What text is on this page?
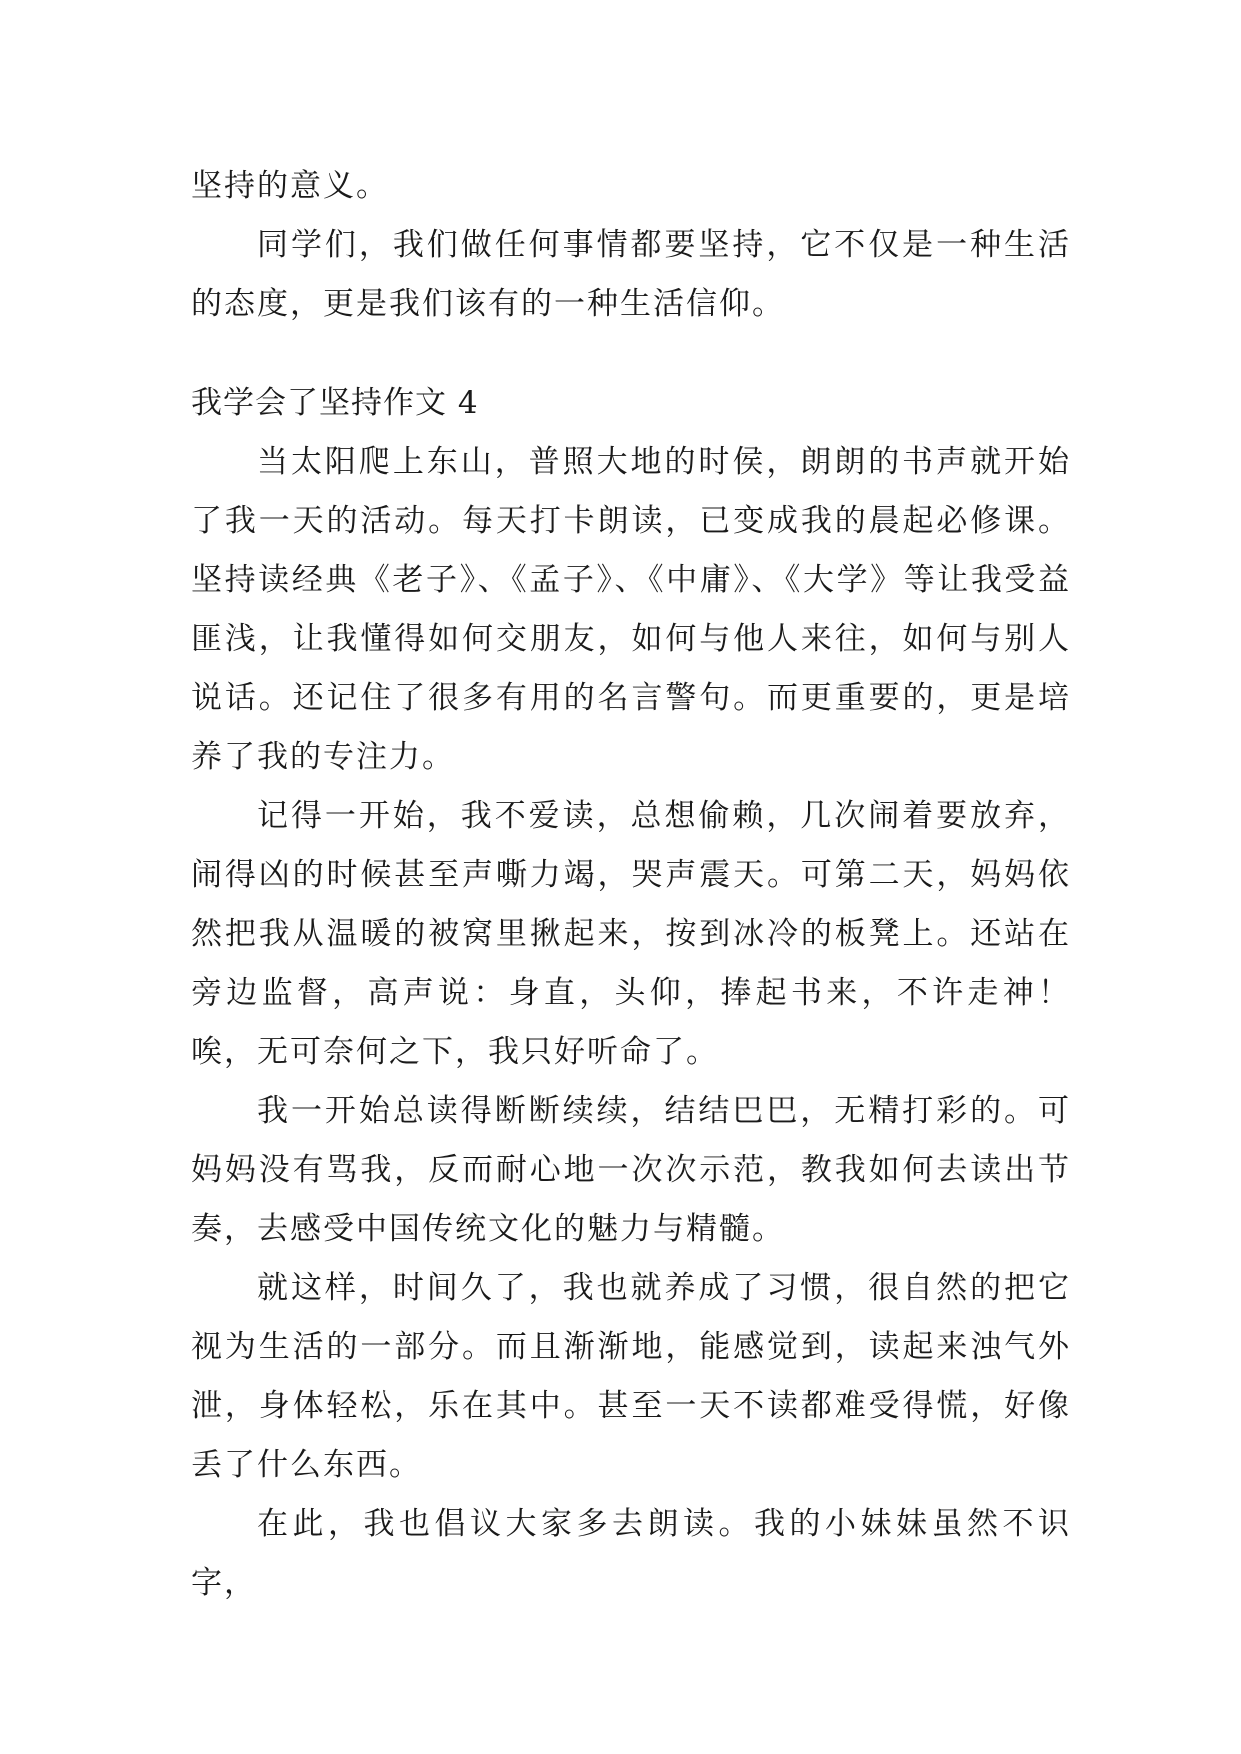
坚持的意义。

同学们，我们做任何事情都要坚持，它不仅是一种生活的态度，更是我们该有的一种生活信仰。

我学会了坚持作文 4

当太阳爬上东山，普照大地的时侯，朗朗的书声就开始了我一天的活动。每天打卡朗读，已变成我的晨起必修课。坚持读经典《老子》、《孟子》、《中庸》、《大学》等让我受益匪浅，让我懂得如何交朋友，如何与他人来往，如何与别人说话。还记住了很多有用的名言警句。而更重要的，更是培养了我的专注力。

记得一开始，我不爱读，总想偷赖，几次闹着要放弃，闹得凶的时候甚至声嘶力竭，哭声震天。可第二天，妈妈依然把我从温暖的被窝里揪起来，按到冰冷的板凳上。还站在旁边监督，高声说：身直，头仰，捧起书来，不许走神！唉，无可奈何之下，我只好听命了。

我一开始总读得断断续续，结结巴巴，无精打彩的。可妈妈没有骂我，反而耐心地一次次示范，教我如何去读出节奏，去感受中国传统文化的魅力与精髓。

就这样，时间久了，我也就养成了习惯，很自然的把它视为生活的一部分。而且渐渐地，能感觉到，读起来浊气外泄，身体轻松，乐在其中。甚至一天不读都难受得慌，好像丢了什么东西。

在此，我也倡议大家多去朗读。我的小妹妹虽然不识字，
